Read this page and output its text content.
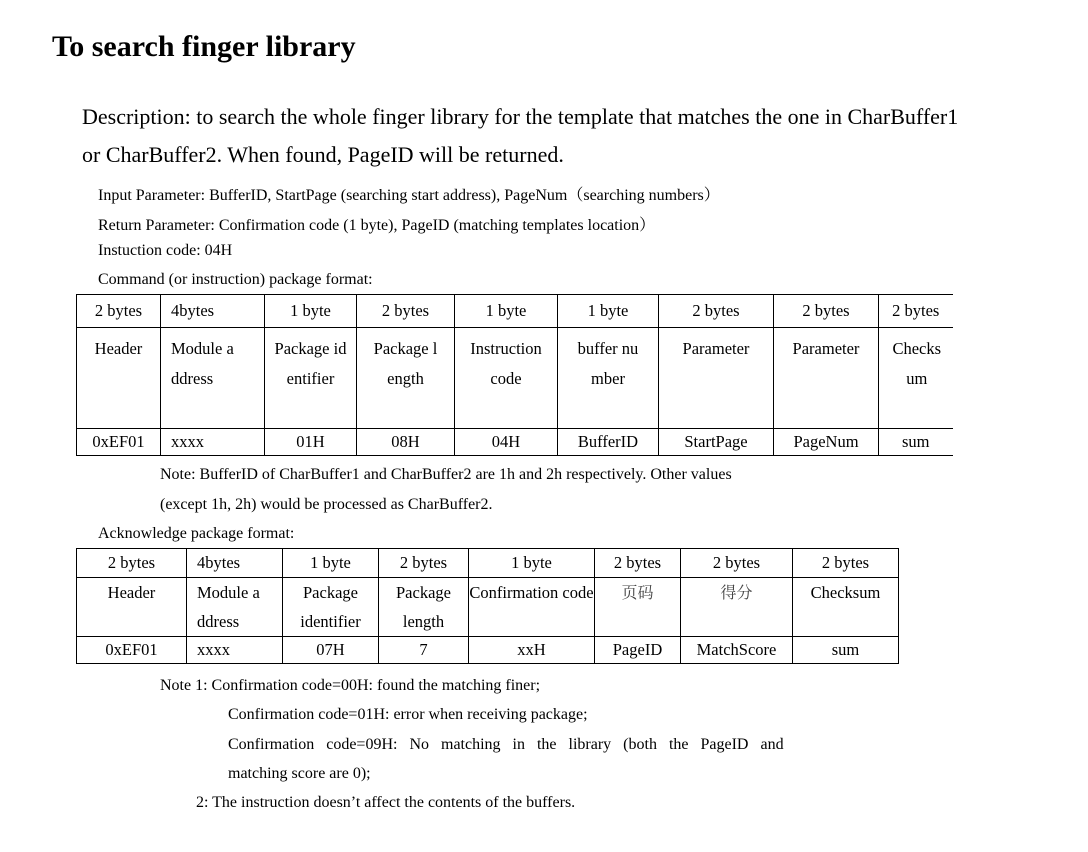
To search finger library
Description: to search the whole finger library for the template that matches the one in CharBuffer1
or CharBuffer2. When found, PageID will be returned.
Input Parameter: BufferID, StartPage (searching start address), PageNum（searching numbers）
Return Parameter: Confirmation code (1 byte), PageID (matching templates location）
Instuction code: 04H
Command (or instruction) package format:
2 bytes	4bytes	1 byte	2 bytes	1 byte	1 byte	2 bytes	2 bytes	2 bytes
Header	Module address	Package identifier	Package length	Instruction code	buffer number	Parameter	Parameter	Checksum
0xEF01	xxxx	01H	08H	04H	BufferID	StartPage	PageNum	sum
Note: BufferID of CharBuffer1 and CharBuffer2 are 1h and 2h respectively. Other values
(except 1h, 2h) would be processed as CharBuffer2.
Acknowledge package format:
2 bytes	4bytes	1 byte	2 bytes	1 byte	2 bytes	2 bytes	2 bytes
Header	Module address	Package identifier	Package length	Confirmation code	页码	得分	Checksum
0xEF01	xxxx	07H	7	xxH	PageID	MatchScore	sum
Note 1: Confirmation code=00H: found the matching finer;
Confirmation code=01H: error when receiving package;
Confirmation   code=09H:   No   matching   in   the   library   (both   the   PageID   and
matching score are 0);
2: The instruction doesn’t affect the contents of the buffers.
